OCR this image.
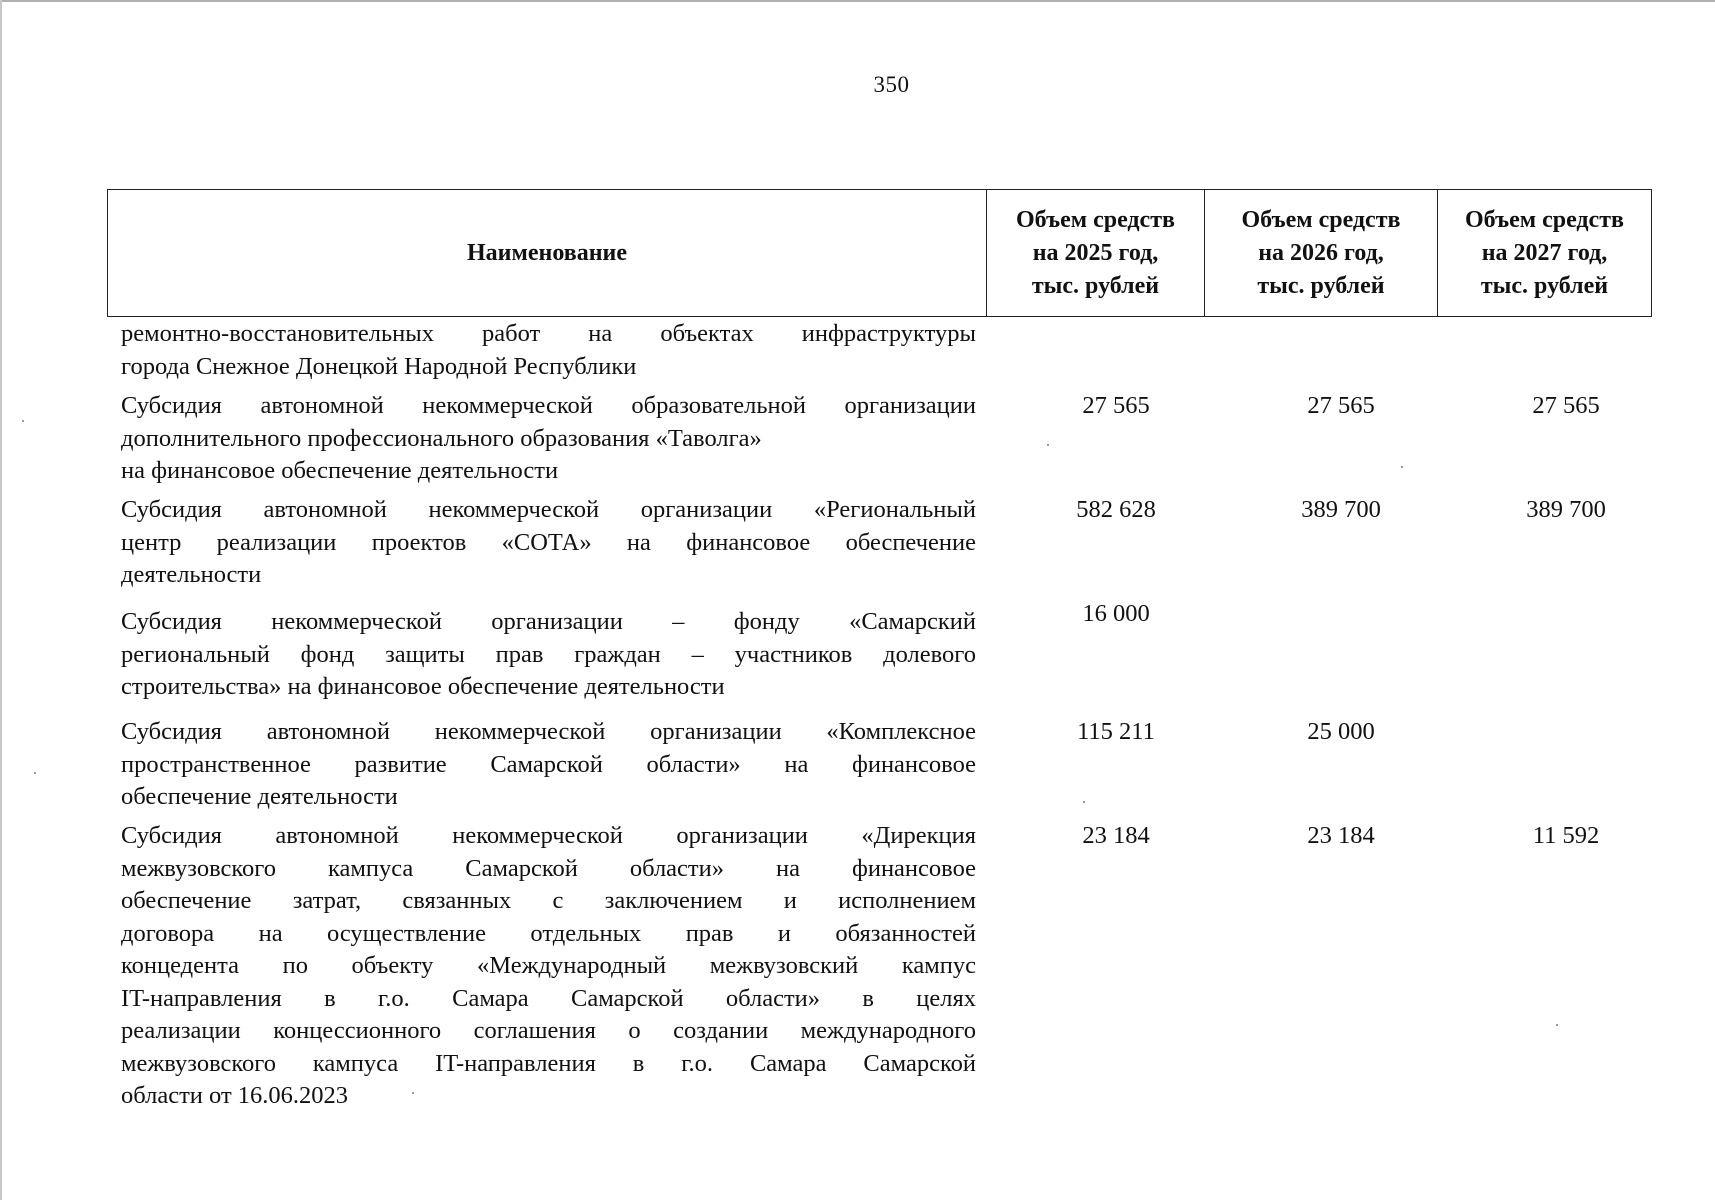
350
Наименование
Объем средств
на 2025 год,
тыс. рублей
Объем средств
на 2026 год,
тыс. рублей
Объем средств
на 2027 год,
тыс. рублей
ремонтно-восстановительных работ на объектах инфраструктуры
города Снежное Донецкой Народной Республики
Субсидия автономной некоммерческой образовательной организации
дополнительного профессионального образования «Таволга»
на финансовое обеспечение деятельности
27 565	27 565	27 565
Субсидия автономной некоммерческой организации «Региональный
центр реализации проектов «СОТА» на финансовое обеспечение
деятельности
582 628	389 700	389 700
Субсидия некоммерческой организации – фонду «Самарский
региональный фонд защиты прав граждан – участников долевого
строительства» на финансовое обеспечение деятельности
16 000
Субсидия автономной некоммерческой организации «Комплексное
пространственное развитие Самарской области» на финансовое
обеспечение деятельности
115 211	25 000
Субсидия автономной некоммерческой организации «Дирекция
межвузовского кампуса Самарской области» на финансовое
обеспечение затрат, связанных с заключением и исполнением
договора на осуществление отдельных прав и обязанностей
концедента по объекту «Международный межвузовский кампус
IT-направления в г.о. Самара Самарской области» в целях
реализации концессионного соглашения о создании международного
межвузовского кампуса IT-направления в г.о. Самара Самарской
области от 16.06.2023
23 184	23 184	11 592
